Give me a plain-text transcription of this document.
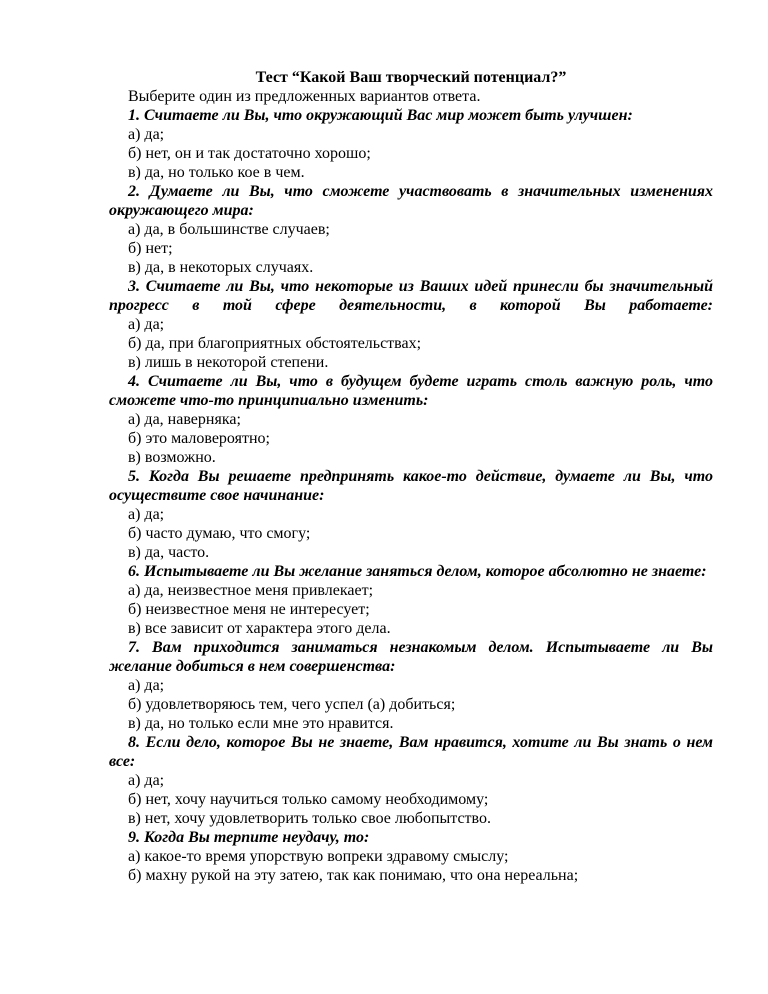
Тест “Какой Ваш творческий потенциал?”

Выберите один из предложенных вариантов ответа.

1. Считаете ли Вы, что окружающий Вас мир может быть улучшен:

а) да;

б) нет, он и так достаточно хорошо;

в) да, но только кое в чем.

2. Думаете ли Вы, что сможете участвовать в значительных изменениях окружающего мира:

а) да, в большинстве случаев;

б) нет;

в) да, в некоторых случаях.

3. Считаете ли Вы, что некоторые из Ваших идей принесли бы значительный прогресс в той сфере деятельности, в которой Вы работаете:

а) да;

б) да, при благоприятных обстоятельствах;

в) лишь в некоторой степени.

4. Считаете ли Вы, что в будущем будете играть столь важную роль, что сможете что-то принципиально изменить:

а) да, наверняка;

б) это маловероятно;

в) возможно.

5. Когда Вы решаете предпринять какое-то действие, думаете ли Вы, что осуществите свое начинание:

а) да;

б) часто думаю, что смогу;

в) да, часто.

6. Испытываете ли Вы желание заняться делом, которое абсолютно не знаете:

а) да, неизвестное меня привлекает;

б) неизвестное меня не интересует;

в) все зависит от характера этого дела.

7. Вам приходится заниматься незнакомым делом. Испытываете ли Вы желание добиться в нем совершенства:

а) да;

б) удовлетворяюсь тем, чего успел (а) добиться;

в) да, но только если мне это нравится.

8. Если дело, которое Вы не знаете, Вам нравится, хотите ли Вы знать о нем все:

а) да;

б) нет, хочу научиться только самому необходимому;

в) нет, хочу удовлетворить только свое любопытство.

9. Когда Вы терпите неудачу, то:

а) какое-то время упорствую вопреки здравому смыслу;

б) махну рукой на эту затею, так как понимаю, что она нереальна;
